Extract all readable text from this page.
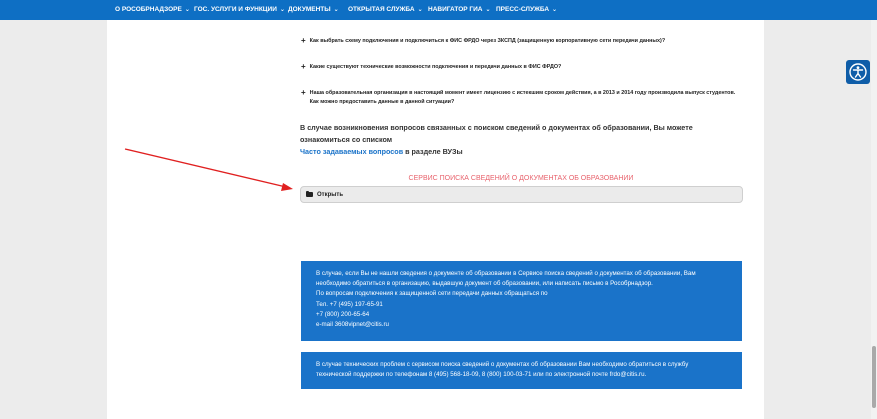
О РОСОБРНАДЗОРЕ ⌄ ГОС. УСЛУГИ И ФУНКЦИИ ⌄ ДОКУМЕНТЫ ⌄ ОТКРЫТАЯ СЛУЖБА ⌄ НАВИГАТОР ГИА ⌄ ПРЕСС-СЛУЖБА ⌄
+ Как выбрать схему подключения и подключиться к ФИС ФРДО через ЗКСПД (защищенную корпоративную сети передачи данных)?
+ Какие существуют технические возможности подключения и передачи данных в ФИС ФРДО?
+ Наша образовательная организация в настоящий момент имеет лицензию с истекшим сроком действия, а в 2013 и 2014 году производила выпуск студентов.
Как можно предоставить данные в данной ситуации?
В случае возникновения вопросов связанных с поиском сведений о документах об образовании, Вы можете ознакомиться со списком
Часто задаваемых вопросов в разделе ВУЗы
СЕРВИС ПОИСКА СВЕДЕНИЙ О ДОКУМЕНТАХ ОБ ОБРАЗОВАНИИ
Открыть

В случае, если Вы не нашли сведения о документе об образовании в Сервисе поиска сведений о документах об образовании, Вам

необходимо обратиться в организацию, выдавшую документ об образовании, или написать письмо в Рособрнадзор.

По вопросам подключения к защищенной сети передачи данных обращаться по

Тел. +7 (495) 197-65-91

+7 (800) 200-65-64

e-mail 3608vipnet@citis.ru

В случае технических проблем с сервисом поиска сведений о документах об образовании Вам необходимо обратиться в службу

технической поддержки по телефонам 8 (495) 568-18-09, 8 (800) 100-03-71 или по электронной почте frdo@citis.ru.
